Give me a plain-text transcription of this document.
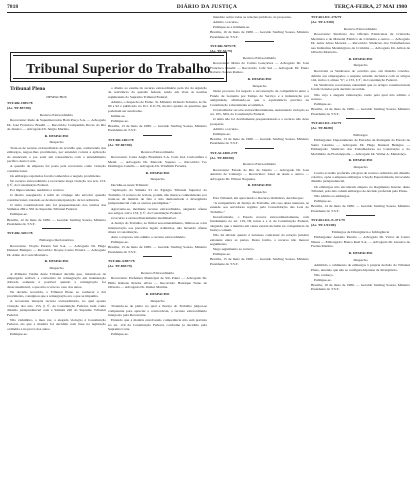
7818	DIÁRIO DA JUSTIÇA	TERÇA-FEIRA, 27 MAI 1980
Tribunal Superior do Trabalho

Tribunal Pleno

DESPACHOS

TST-RR-1985/78

(Ac. TP-857/80)

Recurso Extraordinário

Recorrente: Rede de Supermercados Bom Preço S.A. — Advogado Dr. José Francisco Boselli — Recorrido: Companhia Docas do Rio de Janeiro — Advogado Dr. Sérgio Martins.

R. DESPACHO

Despacho

Trata-se de recurso extraordinário de acórdão que, conhecendo dos embargos, negou-lhes provimento, por entender correta a aplicação do enunciado e por estar em consonância com o entendimento pacífico desta Corte.

A questão da empresa foi posta pela recorrente como violação constitucional.

Os embargos rejeitados foram conhecidos e negado provimento.

No recurso extraordinário a recorrente alega violação aos arts. 153, § 3º, da Constituição Federal.

Por improcedente, inadmito o recurso.

O direito assegurado à irmã do cônjuge não envolve questão constitucional, tratando-se de mera interpretação de lei ordinária.

O tema constitucional não foi prequestionado nos termos das Súmulas 282 e 356 do Supremo Tribunal Federal.

Publique-se.

Brasília, 12 de maio de 1980. — Geraldo Starling Soares, Ministro Presidente do T.S.T.

TST-RR-3201/78

Embargos Declaratórios

Recorrente: Viação Paraná Sul S.A. — Advogado Dr. Hugo Danzeri Benigno — Recorrido: Roque Castro Pereira — Advogado Dr. Alino da Costa Monteiro.

R. DESPACHO

Despacho

A Primeira Turma deste Tribunal decidiu que, tratando-se de empregado estável, a conversão da reintegração em indenização dobrada somente é possível quando a reintegração for desaconselhável, o que não ocorre no caso dos autos.

Na decisão recorrida, o Tribunal Pleno ao conhecer e dar provimento, consignou que a reintegração era o que se impunha.

A recorrente interpôs recurso extraordinário, no qual aponta violação dos arts. 153, § 3º, da Constituição Federal, bem como dissídio jurisprudencial com a Súmula 220 do Supremo Tribunal Federal.

Não vislumbro, a meu ver, a alegada violação à Constituição Federal, eis que a matéria foi decidida com base na legislação ordinária e na prova dos autos.

Publique-se.

o direito ao exame do recurso extraordinário pela via da arguição de relevância da questão federal, tendo em vista as normas regimentais do Supremo Tribunal Federal.

Admito, o despacho do Exmo. Sr. Ministro Orlando Teixeira, às fls. 90 e 92 e publicado no D.J. 9.11.79, motivo quanto às questões que poderiam ser suscitadas.

Intime-se.

Publique-se.

Brasília, 13 de maio de 1980. — Geraldo Starling Soares, Ministro Presidente do T.S.T.

TST-RR-1601/78

(Ac. TP-867/80)

Recurso Extraordinário

Recorrente: Caixa Anglo Brasileira S.A. Com. Ind. Carbonífera e Metal. — Advogado Dr. Marcelo Sapeno — Recorrido: Ivo Domingos Canella — Advogado Dr. Wladimir Ferreira.

R. DESPACHO

Despacho

Decidiu-se neste Tribunal:

"Aplicação da Súmula 91 do Egrégio Tribunal Superior do Trabalho. O recurso de revista, porém, não merece conhecimento por tratar-se de matéria de fato e não demonstrada a divergência jurisprudencial com os arestos paradigmas."

Agravante-se, mediante recurso extraordinário, alegando ofensa aos artigos 142 e 153, § 3º, da Constituição Federal.

O recurso é extraordinariamente inadmissível.

A Justiça do Trabalho, ao firmar seu entendimento, limitou-se a dar interpretação aos preceitos legais ordinários, não havendo ofensa direta à Constituição.

Ante o exposto, não admito o recurso extraordinário.

Publique-se.

Brasília, 13 de maio de 1980. — Geraldo Starling Soares, Ministro Presidente do T.S.T.

TST-RR-4/487/78

(Ac. TP-858/79)

Recurso Extraordinário

Recorrente: Prefeitura Municipal de São Paulo — Advogado Dr. Hélio Rubens Pereira Alves — Recorrido: Henrique Nuno de Oliveira — Advogado Dr. Osmar Martins.

R. DESPACHO

Despacho

Tratando-se de pleito no qual a Justiça do Trabalho julgou-se competente para apreciar a controvérsia, o recurso extraordinário interposto pela Recorrente.

Entendo que a matéria envolvendo competência não está prevista no art. 119 da Constituição Federal, conforme já decidido pela Suprema Corte.

Publique-se.

mandato sobre todas as relações jurídicas, às propostas.

Admito o recurso.

Publique-se e intimem-se.

Brasília, 16 de maio de 1980. — Geraldo Starling Soares, Ministro Presidente do T.S.T.

TST-RR-5075/78

(Ac. TP-56/79)

Recurso Extraordinário

Recorrente: Maria do Carmo Gonçalves — Advogado Dr. José Francisco Boselli — Recorrido: Café Sul — Advogado Dr. Paulo Roberto Soares Ramos.

R. DESPACHO

Despacho

Neste processo foi negado a reconvenção da competência entre o Fundo de Garantia por Tempo de Serviço e a indenização por antiguidade, afirmando-se que a equivalência prevista na Constituição é meramente econômica.

O trabalhador recorre extraordinariamente, sustentando violação ao art. 165, XIII, da Constituição Federal.

O tema não foi devidamente prequestionado e o recurso não deve prosperar.

Admito o recurso.

Publique-se.

Brasília, 13 de maio de 1980. — Geraldo Starling Soares, Ministro Presidente do T.S.T.

TST-AI-4400-2/79

(Ac. TP-858/80)

Recurso Extraordinário

Recorrente: Estado do Rio de Janeiro — Advogado Dr. José Antônio de Camargo — Recorridos: Jonel de Assis e outros — Advogado Dr. Wilson Nogueira.

R. DESPACHO

Despacho

Esta Tribunal, em apreciando o Recurso Ordinário, decidiu que:

"A competência da Justiça do Trabalho, em caso desta natureza, se estende aos servidores regidos pela Consolidação das Leis do Trabalho."

Inconformado, o Estado recorre extraordinariamente, com fundamento no art. 119, III, letras a e d, da Constituição Federal, alegando que a matéria em causa estaria incluída na competência da Justiça comum.

Não há dúvida quanto à natureza contratual da relação jurídica existente entre as partes. Desta forma, o recurso não merece seguimento.

Nego seguimento ao recurso.

Publique-se.

Brasília, 15 de maio de 1980. — Geraldo Starling Soares, Ministro Presidente do T.S.T.

TST-RO-DC-276/79

(Ac. TP-1/2/80)

Recurso Extraordinário

Recorrente: Sindicato dos Oficiais Eletricistas de Cristóvão Mecânica e de Material Elétrico de Criciúma e outros — Advogado Dr. Artur Alves Moreira — Recorrido: Sindicato dos Trabalhadores nas Indústrias Metalúrgicas de Criciúma — Advogado Dr. Ailton de Oliveira Monteiro.

R. DESPACHO

Despacho

Recorrem os Sindicatos do acórdão que, em dissídio coletivo, deferiu aos empregados o reajuste salarial, inclusive com os artigos 142, inciso I, alínea "b", e 153, § 3º, da Constituição Federal.

Os Sindicatos recorrentes entendem que os artigos constitucionais foram violados pela decisão recorrida.

Não vejo a alegada vulneração, razão pela qual não admito o recurso.

Publique-se.

Brasília, 14 de maio de 1980. — Geraldo Starling Soares, Ministro Presidente do T.S.T.

TST-RO-DC-232/79

(Ac. TP-86/80)

Embargos

Embargante: Departamento de Estradas de Rodagem do Estado de Santa Catarina — Advogado Dr. Hugo Danzeri Benigno — Embargado: Sindicato dos Trabalhadores na Construção e do Mobiliário de Florianópolis — Advogado Dr. Walter A. Mendonça.

R. DESPACHO

Despacho

Contra acórdão proferido em grau de recurso ordinário em dissídio coletivo, opõe a empresa embargos à Seção Especializada, invocando dissídio jurisprudencial.

Os embargos não encontram amparo no Regimento Interno deste Tribunal, pois não cabem embargos de decisão proferida pelo Pleno.

Não admito os embargos.

Publique-se.

Brasília, 14 de maio de 1980. — Geraldo Starling Soares, Ministro Presidente do T.S.T.

TST-RO-DC-E-471/79

(Ac. TP-1/01/80)

Embargos de Divergência e Infringência

Embargante: Antonio Pereira — Advogado Dr. Victor de Castro Nunes — Embargado: Banco Real S.A. — Advogado Dr. Gustavo de Freitas Martins.

R. DESPACHO

Despacho

Admitido o cabimento de embargos à própria decisão do Tribunal Pleno, entendo que não se configura hipótese de divergência.

Não conheço.

Publique-se.

Brasília, 19 de maio de 1980. — Geraldo Starling Soares, Ministro Presidente do T.S.T.
